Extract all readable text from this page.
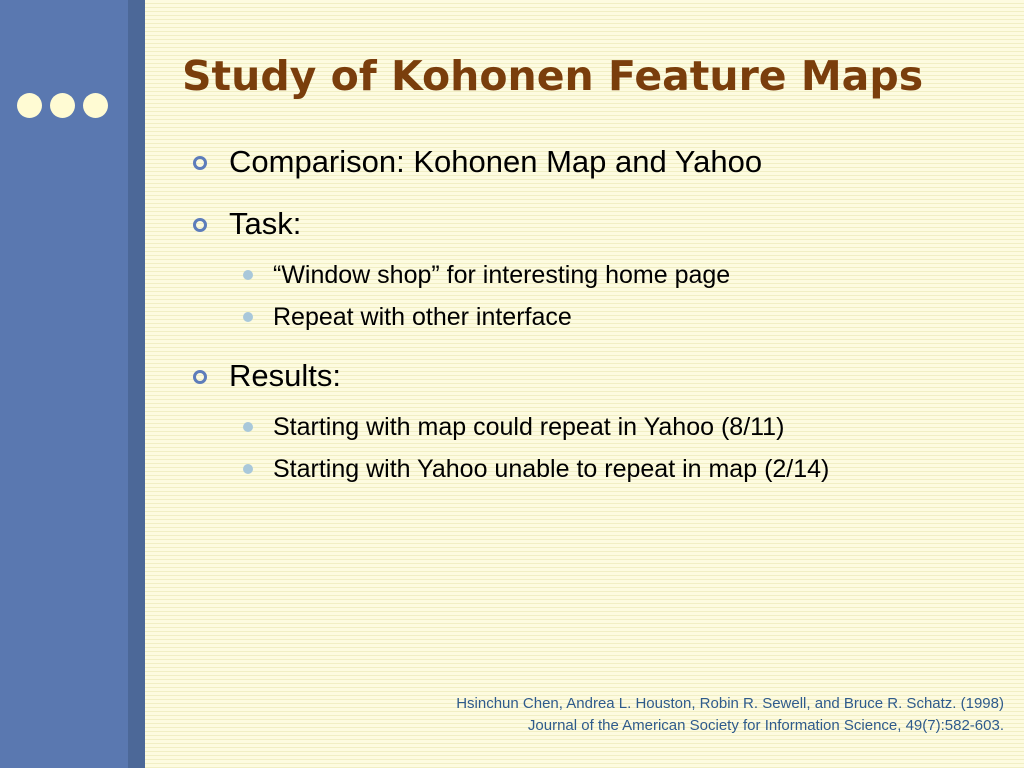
Study of Kohonen Feature Maps
Comparison: Kohonen Map and Yahoo
Task:
“Window shop” for interesting home page
Repeat with other interface
Results:
Starting with map could repeat in Yahoo (8/11)
Starting with Yahoo unable to repeat in map (2/14)
Hsinchun Chen, Andrea L. Houston, Robin R. Sewell, and Bruce R. Schatz. (1998)
Journal of the American Society for Information Science, 49(7):582-603.
